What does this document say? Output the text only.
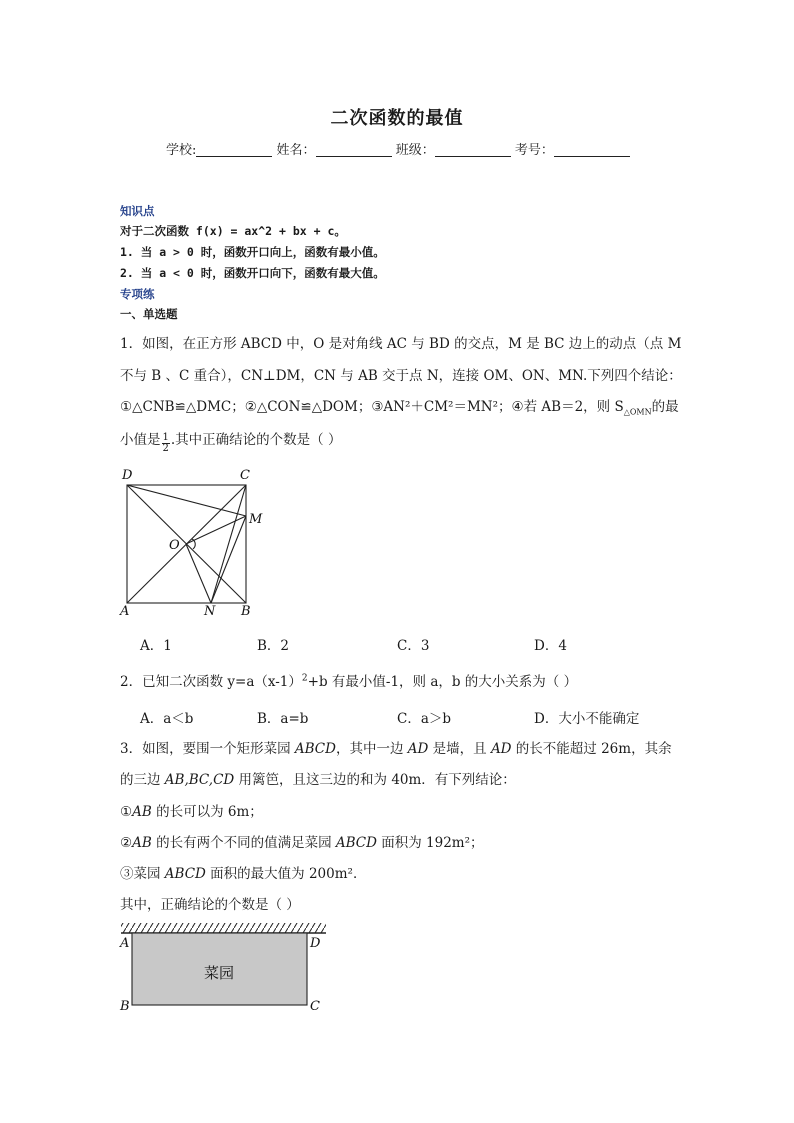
二次函数的最值
学校:	姓名：	班级：	考号：
知识点
对于二次函数 f(x) = ax^2 + bx + c。
1. 当 a > 0 时，函数开口向上，函数有最小值。
2. 当 a < 0 时，函数开口向下，函数有最大值。
专项练
一、单选题
1．如图，在正方形 ABCD 中，O 是对角线 AC 与 BD 的交点，M 是 BC 边上的动点（点 M
不与 B 、C 重合），CN⊥DM，CN 与 AB 交于点 N，连接 OM、ON、MN.下列四个结论：
①△CNB≌△DMC；②△CON≌△DOM；③AN²＋CM²＝MN²；④若 AB＝2，则 $S_{\triangle OMN}$的最
小值是 $\frac{1}{2}$ .其中正确结论的个数是（ ）
D	C
M
O
A	N B
A．1	B．2	C．3	D．4
2．已知二次函数 $y=a(x-1)^2+b$ 有最小值-1，则 a，b 的大小关系为（ ）
A．a＜b	B．a=b	C．a＞b	D．大小不能确定
3．如图，要围一个矩形菜园 ABCD，其中一边 AD 是墙，且 AD 的长不能超过 26m，其余
的三边 AB,BC,CD 用篱笆，且这三边的和为 40m．有下列结论：
①AB 的长可以为 6m；
②AB 的长有两个不同的值满足菜园 ABCD 面积为 192m²；
③菜园 ABCD 面积的最大值为 200m²．
其中，正确结论的个数是（ ）
菜园
A	D
B	C
